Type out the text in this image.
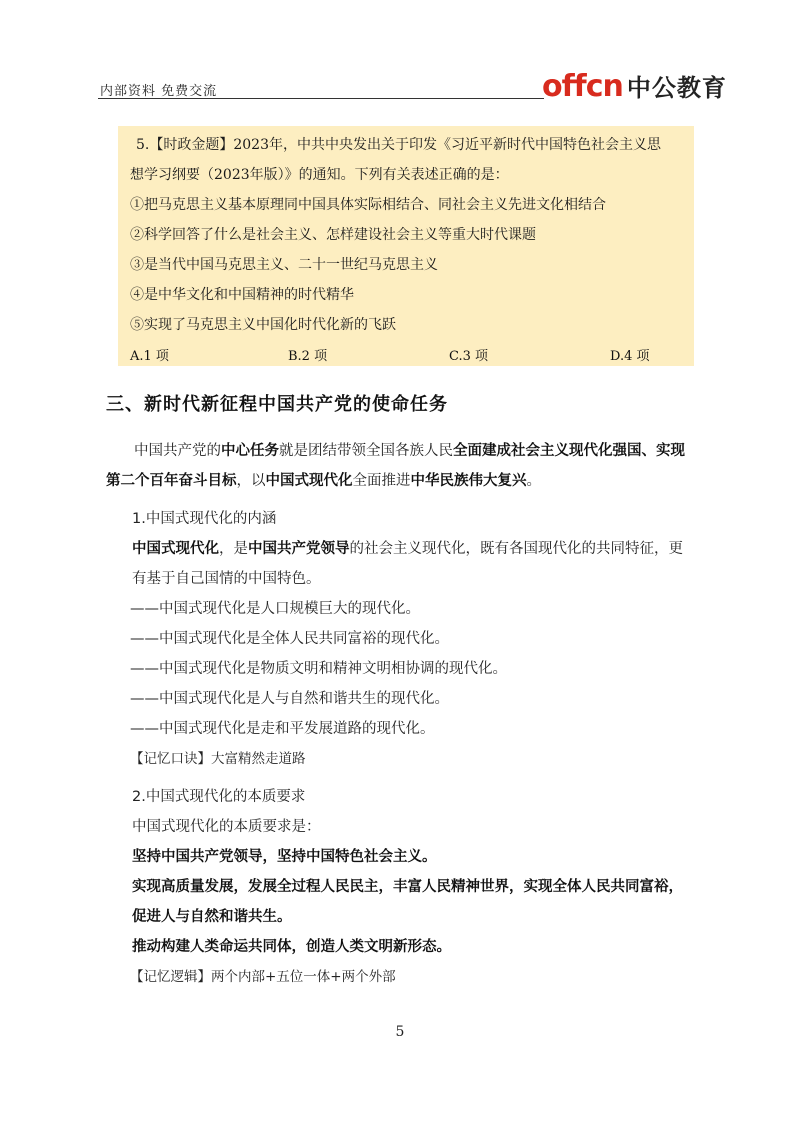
内部资料 免费交流	offcn 中公教育

5.【时政金题】2023年，中共中央发出关于印发《习近平新时代中国特色社会主义思

想学习纲要（2023年版）》的通知。下列有关表述正确的是：

①把马克思主义基本原理同中国具体实际相结合、同社会主义先进文化相结合

②科学回答了什么是社会主义、怎样建设社会主义等重大时代课题

③是当代中国马克思主义、二十一世纪马克思主义

④是中华文化和中国精神的时代精华

⑤实现了马克思主义中国化时代化新的飞跃

A.1 项	B.2 项	C.3 项	D.4 项
三、新时代新征程中国共产党的使命任务

中国共产党的中心任务就是团结带领全国各族人民全面建成社会主义现代化强国、实现第二个百年奋斗目标，以中国式现代化全面推进中华民族伟大复兴。

1.中国式现代化的内涵

中国式现代化，是中国共产党领导的社会主义现代化，既有各国现代化的共同特征，更有基于自己国情的中国特色。

——中国式现代化是人口规模巨大的现代化。

——中国式现代化是全体人民共同富裕的现代化。

——中国式现代化是物质文明和精神文明相协调的现代化。

——中国式现代化是人与自然和谐共生的现代化。

——中国式现代化是走和平发展道路的现代化。

【记忆口诀】大富精然走道路
2.中国式现代化的本质要求

中国式现代化的本质要求是：

坚持中国共产党领导，坚持中国特色社会主义。

实现高质量发展，发展全过程人民民主，丰富人民精神世界，实现全体人民共同富裕，促进人与自然和谐共生。

推动构建人类命运共同体，创造人类文明新形态。

【记忆逻辑】两个内部+五位一体+两个外部
5
